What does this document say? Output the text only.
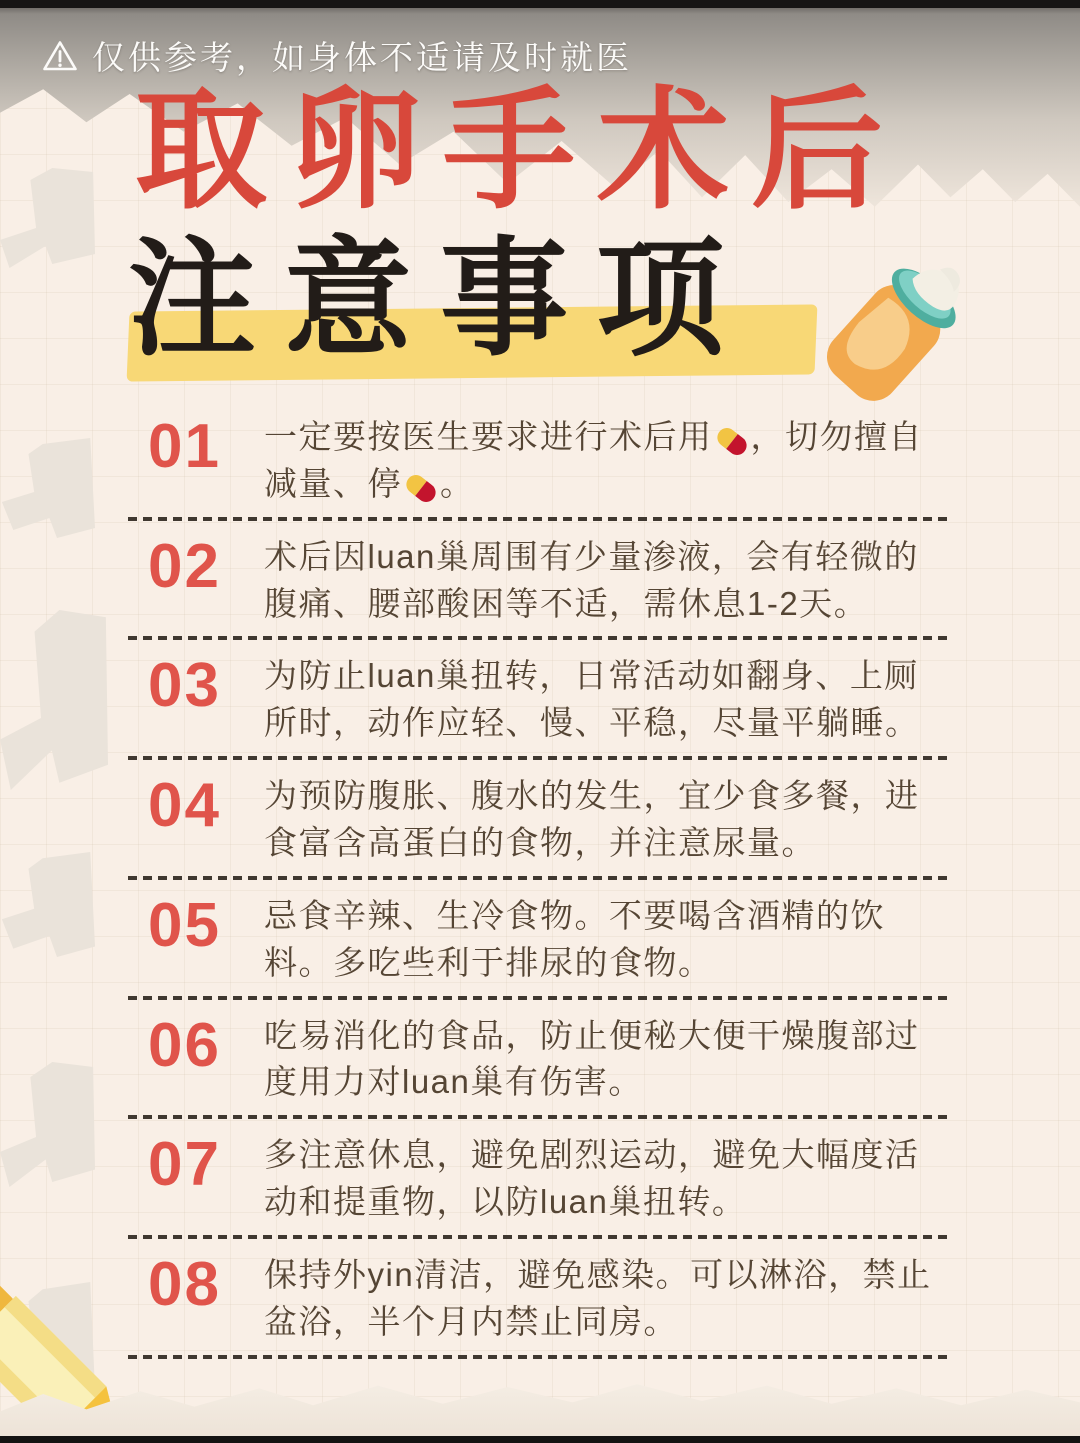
仅供参考，如身体不适请及时就医
取卵手术后
注意事项
01	一定要按医生要求进行术后用 ，切勿擅自减量、停 。
02	术后因luan巢周围有少量渗液，会有轻微的腹痛、腰部酸困等不适，需休息1-2天。
03	为防止luan巢扭转，日常活动如翻身、上厕所时，动作应轻、慢、平稳，尽量平躺睡。
04	为预防腹胀、腹水的发生，宜少食多餐，进食富含高蛋白的食物，并注意尿量。
05	忌食辛辣、生冷食物。不要喝含酒精的饮料。多吃些利于排尿的食物。
06	吃易消化的食品，防止便秘大便干燥腹部过度用力对luan巢有伤害。
07	多注意休息，避免剧烈运动，避免大幅度活动和提重物，以防luan巢扭转。
08	保持外yin清洁，避免感染。可以淋浴，禁止盆浴，半个月内禁止同房。
